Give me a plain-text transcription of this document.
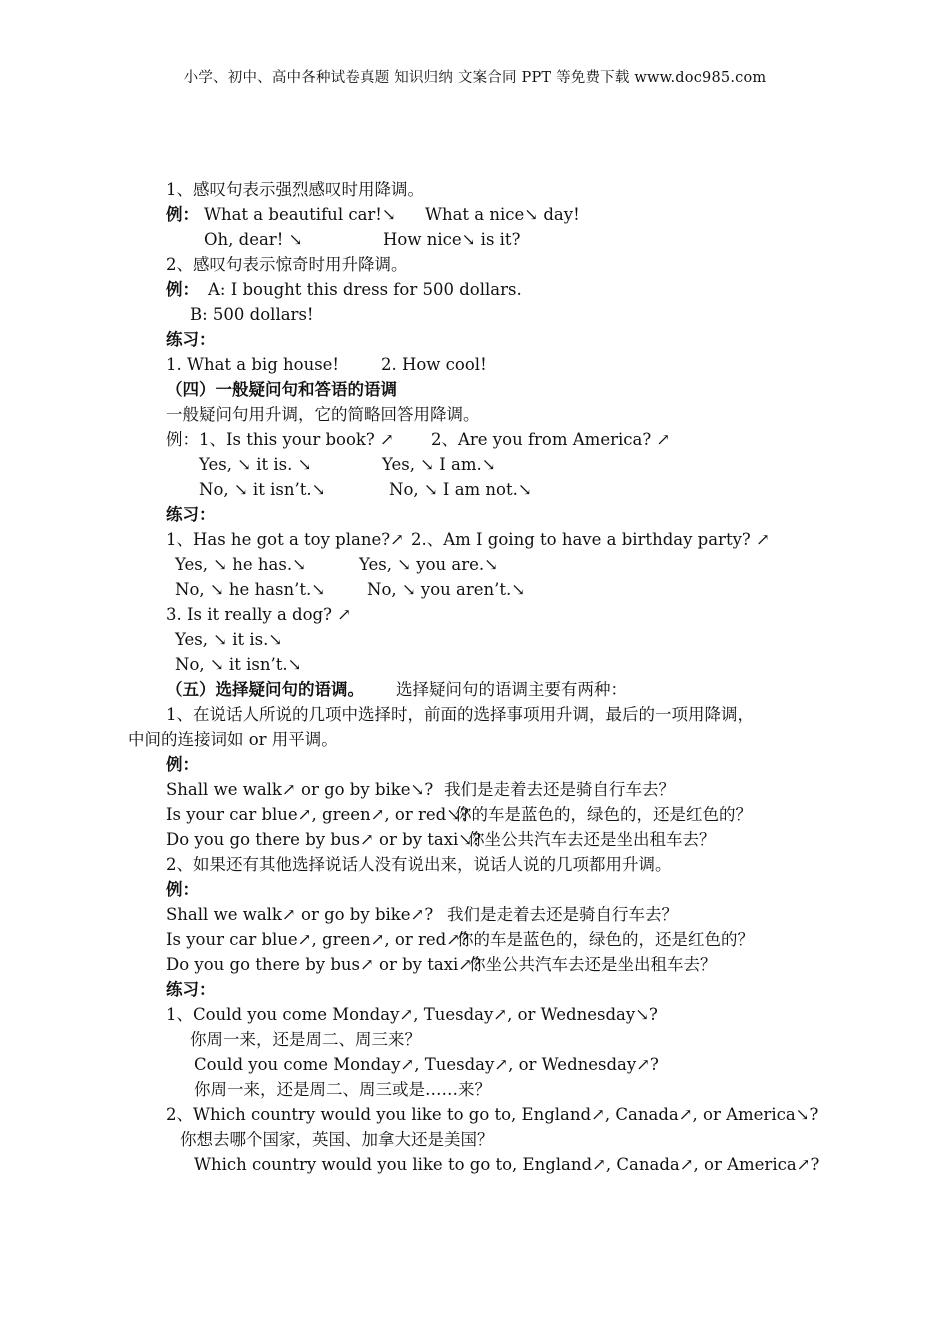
小学、初中、高中各种试卷真题 知识归纳 文案合同 PPT 等免费下载 www.doc985.com
1、感叹句表示强烈感叹时用降调。
例： What a beautiful car!↘ What a nice↘ day!
Oh, dear! ↘	How nice↘ is it?
2、感叹句表示惊奇时用升降调。
例： A: I bought this dress for 500 dollars.
B: 500 dollars!
练习：
1. What a big house!	2. How cool!
（四）一般疑问句和答语的语调
一般疑问句用升调，它的简略回答用降调。
例：1、Is this your book? ↗ 2、Are you from America? ↗
Yes, ↘ it is. ↘	Yes, ↘ I am.↘
No, ↘ it isn’t.↘	No, ↘ I am not.↘
练习：
1、Has he got a toy plane?↗ 2.、Am I going to have a birthday party? ↗
Yes, ↘ he has.↘	Yes, ↘ you are.↘
No, ↘ he hasn’t.↘	No, ↘ you aren’t.↘
3. Is it really a dog? ↗
Yes, ↘ it is.↘
No, ↘ it isn’t.↘
（五）选择疑问句的语调。 选择疑问句的语调主要有两种：
1、在说话人所说的几项中选择时，前面的选择事项用升调，最后的一项用降调，
中间的连接词如 or 用平调。
例：
Shall we walk↗ or go by bike↘? 我们是走着去还是骑自行车去？
Is your car blue↗, green↗, or red↘?
你的车是蓝色的，绿色的，还是红色的？
Do you go there by bus↗ or by taxi↘?
你坐公共汽车去还是坐出租车去？
2、如果还有其他选择说话人没有说出来，说话人说的几项都用升调。
例：
Shall we walk↗ or go by bike↗? 我们是走着去还是骑自行车去？
Is your car blue↗, green↗, or red↗?
你的车是蓝色的，绿色的，还是红色的？
Do you go there by bus↗ or by taxi↗?
你坐公共汽车去还是坐出租车去？
练习：
1、Could you come Monday↗, Tuesday↗, or Wednesday↘?
你周一来，还是周二、周三来？
Could you come Monday↗, Tuesday↗, or Wednesday↗?
你周一来，还是周二、周三或是……来？
2、Which country would you like to go to, England↗, Canada↗, or America↘?
你想去哪个国家，英国、加拿大还是美国？
Which country would you like to go to, England↗, Canada↗, or America↗?
